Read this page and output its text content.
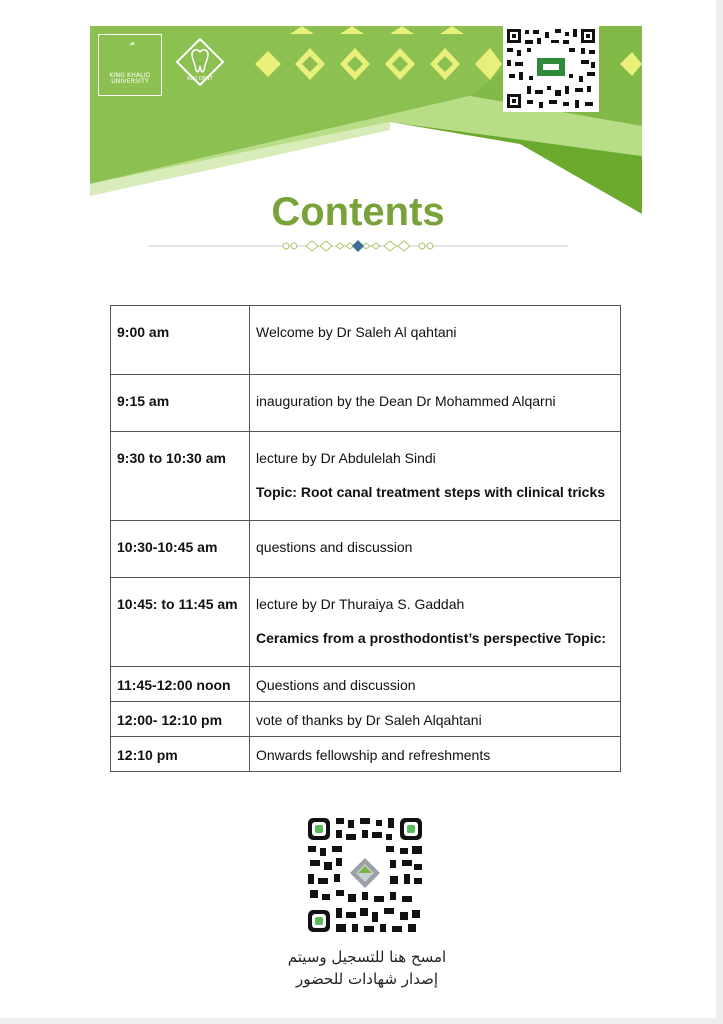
KING KHALID UNIVERSITY	KKU DENT
Contents
9:00 am	Welcome by Dr Saleh Al qahtani

9:15 am	inauguration by the Dean Dr Mohammed Alqarni

9:30 to 10:30 am	lecture by Dr Abdulelah Sindi
Topic: Root canal treatment steps with clinical tricks

10:30-10:45 am	questions and discussion

10:45: to 11:45 am	lecture by Dr Thuraiya S. Gaddah
Ceramics from a prosthodontist’s perspective Topic:

11:45-12:00 noon	Questions and discussion

12:00- 12:10 pm	vote of thanks by Dr Saleh Alqahtani

12:10 pm	Onwards fellowship and refreshments
امسح هنا للتسجيل وسيتم
إصدار شهادات للحضور
